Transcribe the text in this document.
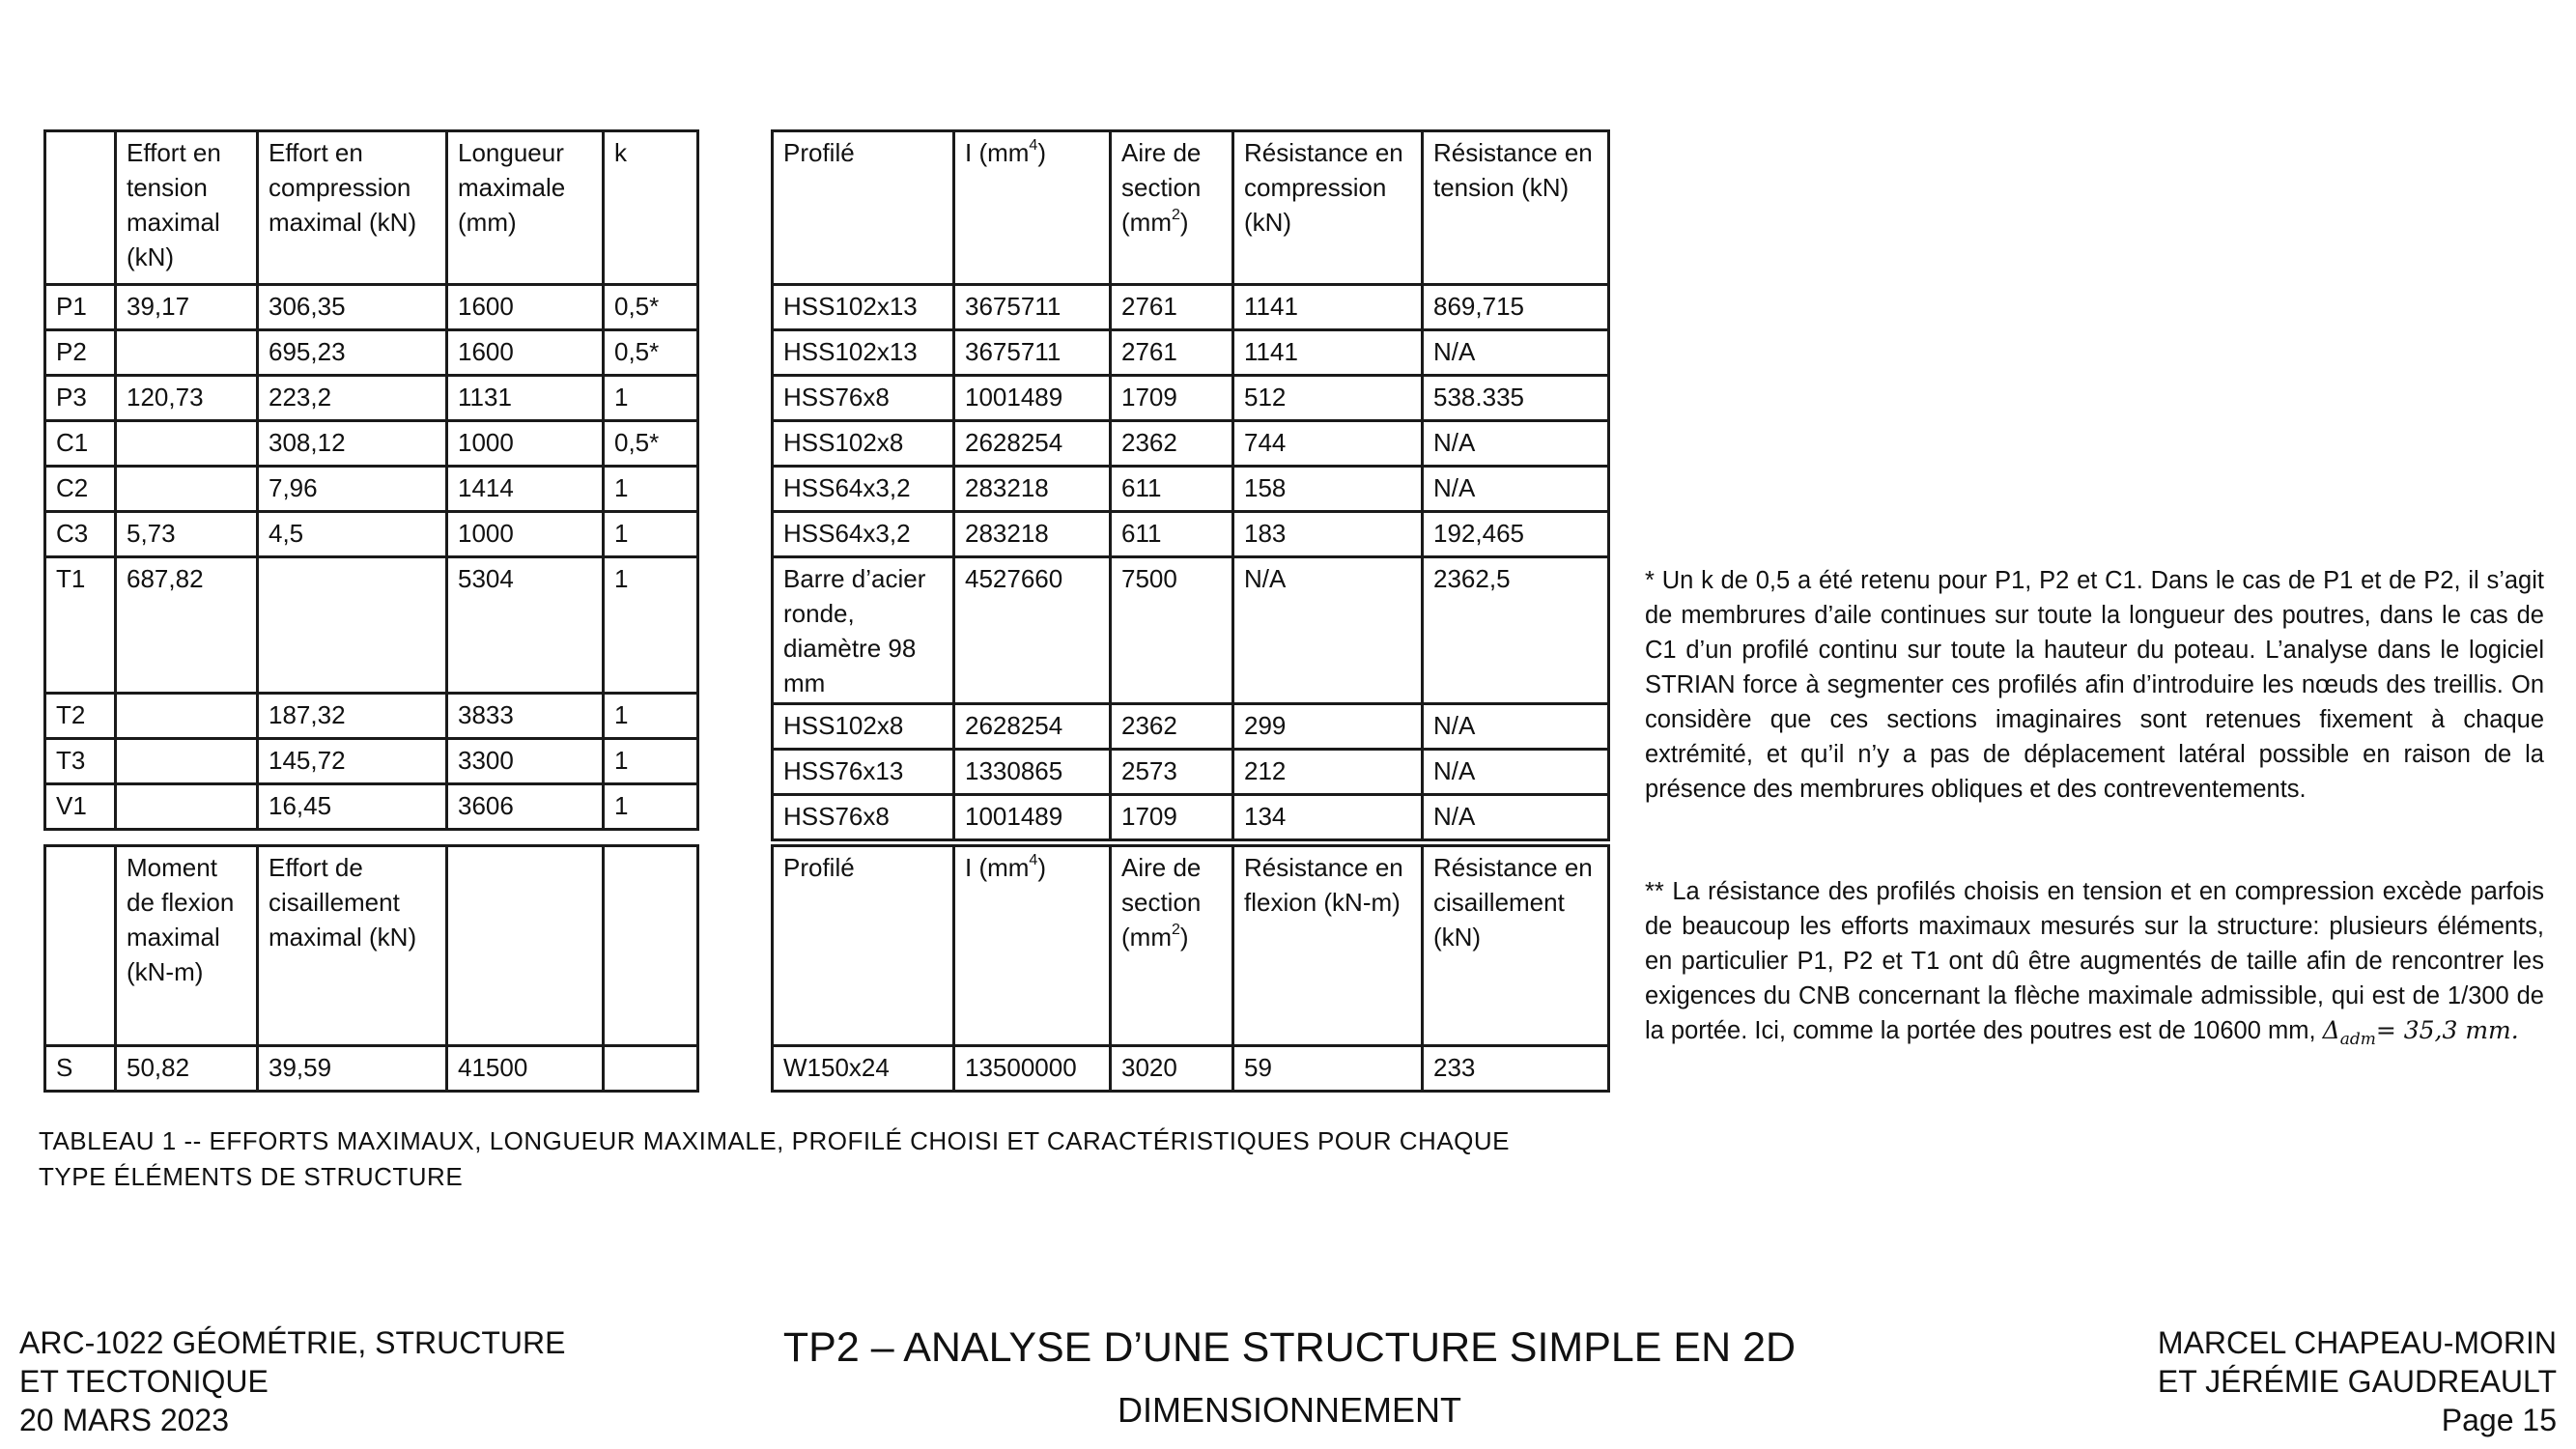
	Effort en tension maximal (kN)	Effort en compression maximal (kN)	Longueur maximale (mm)	k
P1	39,17	306,35	1600	0,5*
P2		695,23	1600	0,5*
P3	120,73	223,2	1131	1
C1		308,12	1000	0,5*
C2		7,96	1414	1
C3	5,73	4,5	1000	1
T1	687,82		5304	1
T2		187,32	3833	1
T3		145,72	3300	1
V1		16,45	3606	1
Profilé	I $(mm^4)$	Aire de section $(mm^2)$	Résistance en compression (kN)	Résistance en tension (kN)
HSS102x13	3675711	2761	1141	869,715
HSS102x13	3675711	2761	1141	N/A
HSS76x8	1001489	1709	512	538.335
HSS102x8	2628254	2362	744	N/A
HSS64x3,2	283218	611	158	N/A
HSS64x3,2	283218	611	183	192,465
Barre d’acier ronde, diamètre 98 mm	4527660	7500	N/A	2362,5
HSS102x8	2628254	2362	299	N/A
HSS76x13	1330865	2573	212	N/A
HSS76x8	1001489	1709	134	N/A
	Moment de flexion maximal (kN-m)	Effort de cisaillement maximal (kN)		
S	50,82	39,59	41500	
Profilé	I $(mm^4)$	Aire de section $(mm^2)$	Résistance en flexion (kN-m)	Résistance en cisaillement (kN)
W150x24	13500000	3020	59	233
TABLEAU 1 -- EFFORTS MAXIMAUX, LONGUEUR MAXIMALE, PROFILÉ CHOISI ET CARACTÉRISTIQUES POUR CHAQUE TYPE ÉLÉMENTS DE STRUCTURE
* Un k de 0,5 a été retenu pour P1, P2 et C1. Dans le cas de P1 et de P2, il s’agit de membrures d’aile continues sur toute la longueur des poutres, dans le cas de C1 d’un profilé continu sur toute la hauteur du poteau. L’analyse dans le logiciel STRIAN force à segmenter ces profilés afin d’introduire les nœuds des treillis. On considère que ces sections imaginaires sont retenues fixement à chaque extrémité, et qu’il n’y a pas de déplacement latéral possible en raison de la présence des membrures obliques et des contreventements.
** La résistance des profilés choisis en tension et en compression excède parfois de beaucoup les efforts maximaux mesurés sur la structure: plusieurs éléments, en particulier P1, P2 et T1 ont dû être augmentés de taille afin de rencontrer les exigences du CNB concernant la flèche maximale admissible, qui est de 1/300 de la portée. Ici, comme la portée des poutres est de 10600 mm, $\Delta_{adm}= 35,3$ mm.
ARC-1022 GÉOMÉTRIE, STRUCTURE
ET TECTONIQUE
20 MARS 2023
TP2 – ANALYSE D’UNE STRUCTURE SIMPLE EN 2D
DIMENSIONNEMENT
MARCEL CHAPEAU-MORIN
ET JÉRÉMIE GAUDREAULT
Page 15
